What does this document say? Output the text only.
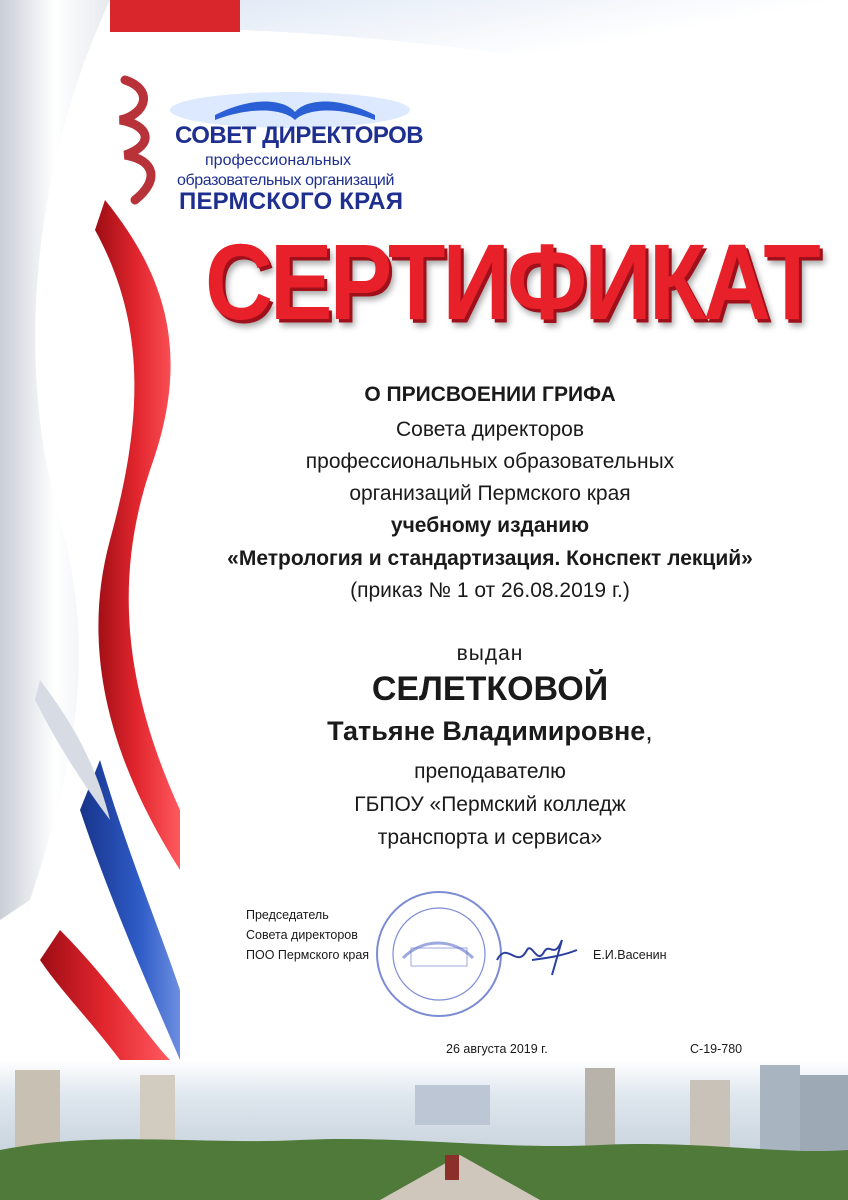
СОВЕТ ДИРЕКТОРОВ
профессиональных
образовательных организаций
ПЕРМСКОГО КРАЯ
СЕРТИФИКАТ
О ПРИСВОЕНИИ ГРИФА
Совета директоров
профессиональных образовательных
организаций Пермского края
учебному изданию
«Метрология и стандартизация. Конспект лекций»
(приказ № 1 от 26.08.2019 г.)
выдан
СЕЛЕТКОВОЙ
Татьяне Владимировне,
преподавателю
ГБПОУ «Пермский колледж
транспорта и сервиса»
Председатель
Совета директоров
ПОО Пермского края	Е.И.Васенин
26 августа 2019 г.	С-19-780
